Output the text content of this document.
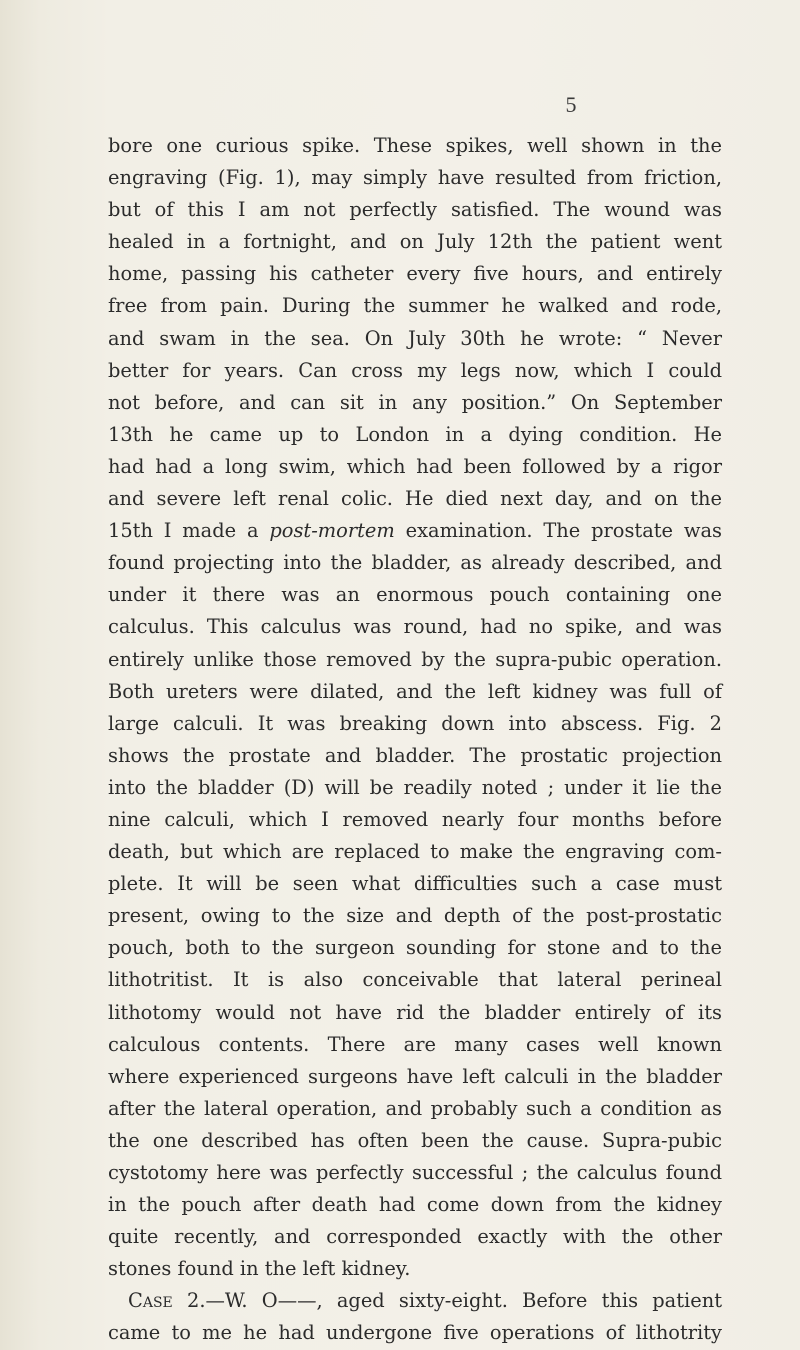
5
bore one curious spike. These spikes, well shown in the
engraving (Fig. 1), may simply have resulted from friction,
but of this I am not perfectly satisfied. The wound was
healed in a fortnight, and on July 12th the patient went
home, passing his catheter every five hours, and entirely
free from pain. During the summer he walked and rode,
and swam in the sea. On July 30th he wrote: “ Never
better for years. Can cross my legs now, which I could
not before, and can sit in any position.” On September
13th he came up to London in a dying condition. He
had had a long swim, which had been followed by a rigor
and severe left renal colic. He died next day, and on the
15th I made a post-mortem examination. The prostate was
found projecting into the bladder, as already described, and
under it there was an enormous pouch containing one
calculus. This calculus was round, had no spike, and was
entirely unlike those removed by the supra-pubic operation.
Both ureters were dilated, and the left kidney was full of
large calculi. It was breaking down into abscess. Fig. 2
shows the prostate and bladder. The prostatic projection
into the bladder (D) will be readily noted ; under it lie the
nine calculi, which I removed nearly four months before
death, but which are replaced to make the engraving com-
plete. It will be seen what difficulties such a case must
present, owing to the size and depth of the post-prostatic
pouch, both to the surgeon sounding for stone and to the
lithotritist. It is also conceivable that lateral perineal
lithotomy would not have rid the bladder entirely of its
calculous contents. There are many cases well known
where experienced surgeons have left calculi in the bladder
after the lateral operation, and probably such a condition as
the one described has often been the cause. Supra-pubic
cystotomy here was perfectly successful ; the calculus found
in the pouch after death had come down from the kidney
quite recently, and corresponded exactly with the other
stones found in the left kidney.
Case 2.—W. O——, aged sixty-eight. Before this patient
came to me he had undergone five operations of lithotrity
